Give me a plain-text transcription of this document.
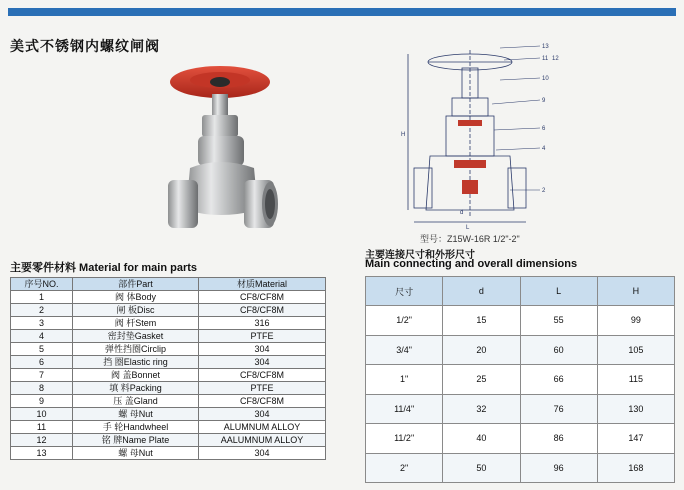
美式不锈钢内螺纹闸阀	13
11 12
10
9
6
4
2
H
L
d
型号：Z15W-16R 1/2"-2"
主要零件材料 Material for main parts
序号NO.	部件Part	材质Material
1	阀 体Body	CF8/CF8M
2	闸 板Disc	CF8/CF8M
3	阀 杆Stem	316
4	密封垫Gasket	PTFE
5	弹性挡圈Circlip	304
6	挡 圈Elastic ring	304
7	阀 盖Bonnet	CF8/CF8M
8	填 料Packing	PTFE
9	压 盖Gland	CF8/CF8M
10	螺 母Nut	304
11	手 轮Handwheel	ALUMNUM ALLOY
12	铭 牌Name Plate	AALUMNUM ALLOY
13	螺 母Nut	304
主要连接尺寸和外形尺寸
Main connecting and overall dimensions
尺寸	d	L	H
1/2"	15	55	99
3/4"	20	60	105
1"	25	66	115
11/4"	32	76	130
11/2"	40	86	147
2"	50	96	168
